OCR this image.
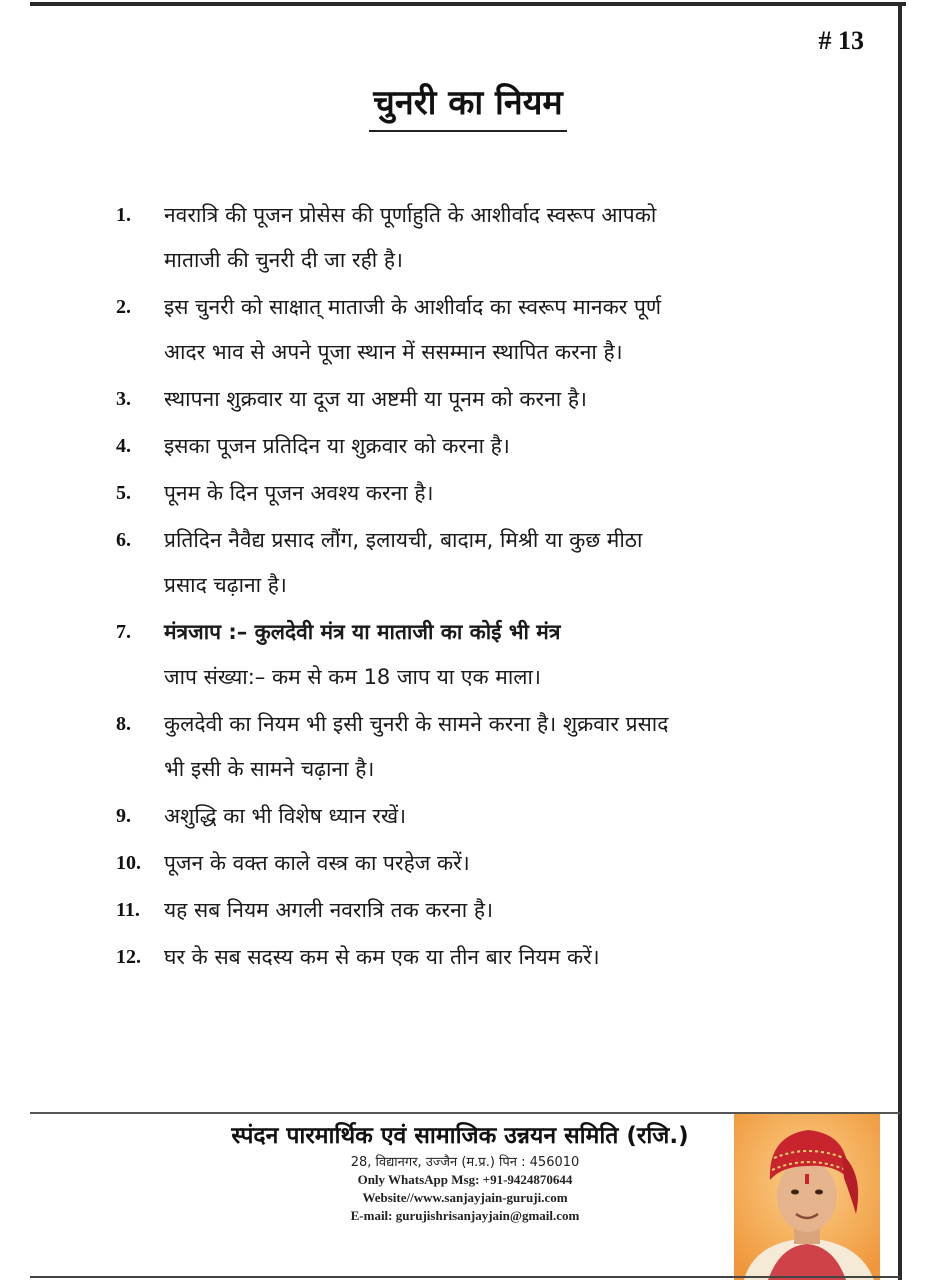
# 13
चुनरी का नियम
1.	नवरात्रि की पूजन प्रोसेस की पूर्णाहुति के आशीर्वाद स्वरूप आपको
माताजी की चुनरी दी जा रही है।
2.	इस चुनरी को साक्षात् माताजी के आशीर्वाद का स्वरूप मानकर पूर्ण
आदर भाव से अपने पूजा स्थान में ससम्मान स्थापित करना है।
3.	स्थापना शुक्रवार या दूज या अष्टमी या पूनम को करना है।
4.	इसका पूजन प्रतिदिन या शुक्रवार को करना है।
5.	पूनम के दिन पूजन अवश्य करना है।
6.	प्रतिदिन नैवैद्य प्रसाद लौंग, इलायची, बादाम, मिश्री या कुछ मीठा
प्रसाद चढ़ाना है।
7.	मंत्रजाप :– कुलदेवी मंत्र या माताजी का कोई भी मंत्र
जाप संख्या:– कम से कम 18 जाप या एक माला।
8.	कुलदेवी का नियम भी इसी चुनरी के सामने करना है। शुक्रवार प्रसाद
भी इसी के सामने चढ़ाना है।
9.	अशुद्धि का भी विशेष ध्यान रखें।
10.	पूजन के वक्त काले वस्त्र का परहेज करें।
11.	यह सब नियम अगली नवरात्रि तक करना है।
12.	घर के सब सदस्य कम से कम एक या तीन बार नियम करें।
स्पंदन पारमार्थिक एवं सामाजिक उन्नयन समिति (रजि.)
28, विद्यानगर, उज्जैन (म.प्र.) पिन : 456010
Only WhatsApp Msg: +91-9424870644
Website//www.sanjayjain-guruji.com
E-mail: gurujishrisanjayjain@gmail.com
